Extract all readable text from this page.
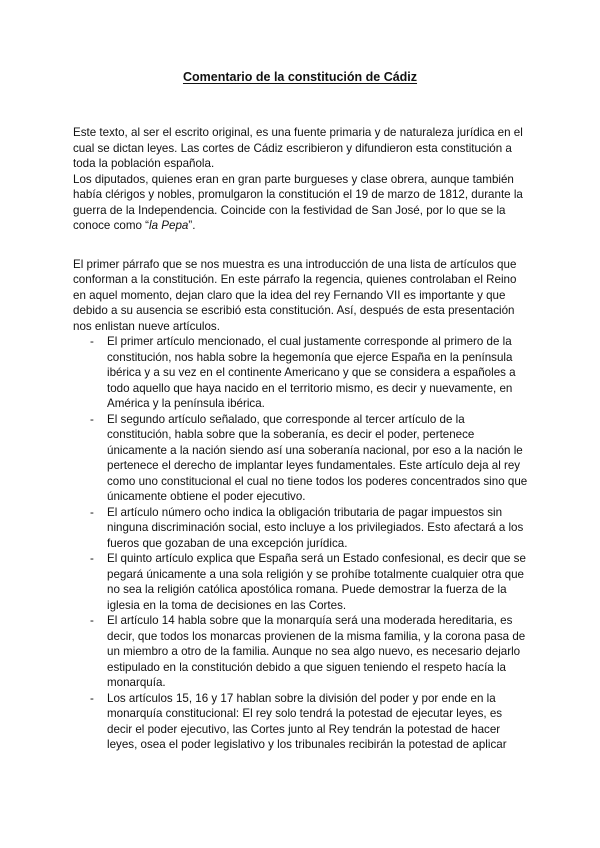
Comentario de la constitución de Cádiz

Este texto, al ser el escrito original, es una fuente primaria y de naturaleza jurídica en el cual se dictan leyes. Las cortes de Cádiz escribieron y difundieron esta constitución a toda la población española.

Los diputados, quienes eran en gran parte burgueses y clase obrera, aunque también había clérigos y nobles, promulgaron la constitución el 19 de marzo de 1812, durante la guerra de la Independencia. Coincide con la festividad de San José, por lo que se la conoce como “la Pepa”.

El primer párrafo que se nos muestra es una introducción de una lista de artículos que conforman a la constitución. En este párrafo la regencia, quienes controlaban el Reino en aquel momento, dejan claro que la idea del rey Fernando VII es importante y que debido a su ausencia se escribió esta constitución. Así, después de esta presentación nos enlistan nueve artículos.

- El primer artículo mencionado, el cual justamente corresponde al primero de la constitución, nos habla sobre la hegemonía que ejerce España en la península ibérica y a su vez en el continente Americano y que se considera a españoles a todo aquello que haya nacido en el territorio mismo, es decir y nuevamente, en América y la península ibérica.
- El segundo artículo señalado, que corresponde al tercer artículo de la constitución, habla sobre que la soberanía, es decir el poder, pertenece únicamente a la nación siendo así una soberanía nacional, por eso a la nación le pertenece el derecho de implantar leyes fundamentales. Este artículo deja al rey como uno constitucional el cual no tiene todos los poderes concentrados sino que únicamente obtiene el poder ejecutivo.
- El artículo número ocho indica la obligación tributaria de pagar impuestos sin ninguna discriminación social, esto incluye a los privilegiados. Esto afectará a los fueros que gozaban de una excepción jurídica.
- El quinto artículo explica que España será un Estado confesional, es decir que se pegará únicamente a una sola religión y se prohíbe totalmente cualquier otra que no sea la religión católica apostólica romana. Puede demostrar la fuerza de la iglesia en la toma de decisiones en las Cortes.
- El artículo 14 habla sobre que la monarquía será una moderada hereditaria, es decir, que todos los monarcas provienen de la misma familia, y la corona pasa de un miembro a otro de la familia. Aunque no sea algo nuevo, es necesario dejarlo estipulado en la constitución debido a que siguen teniendo el respeto hacía la monarquía.
- Los artículos 15, 16 y 17 hablan sobre la división del poder y por ende en la monarquía constitucional: El rey solo tendrá la potestad de ejecutar leyes, es decir el poder ejecutivo, las Cortes junto al Rey tendrán la potestad de hacer leyes, osea el poder legislativo y los tribunales recibirán la potestad de aplicar
